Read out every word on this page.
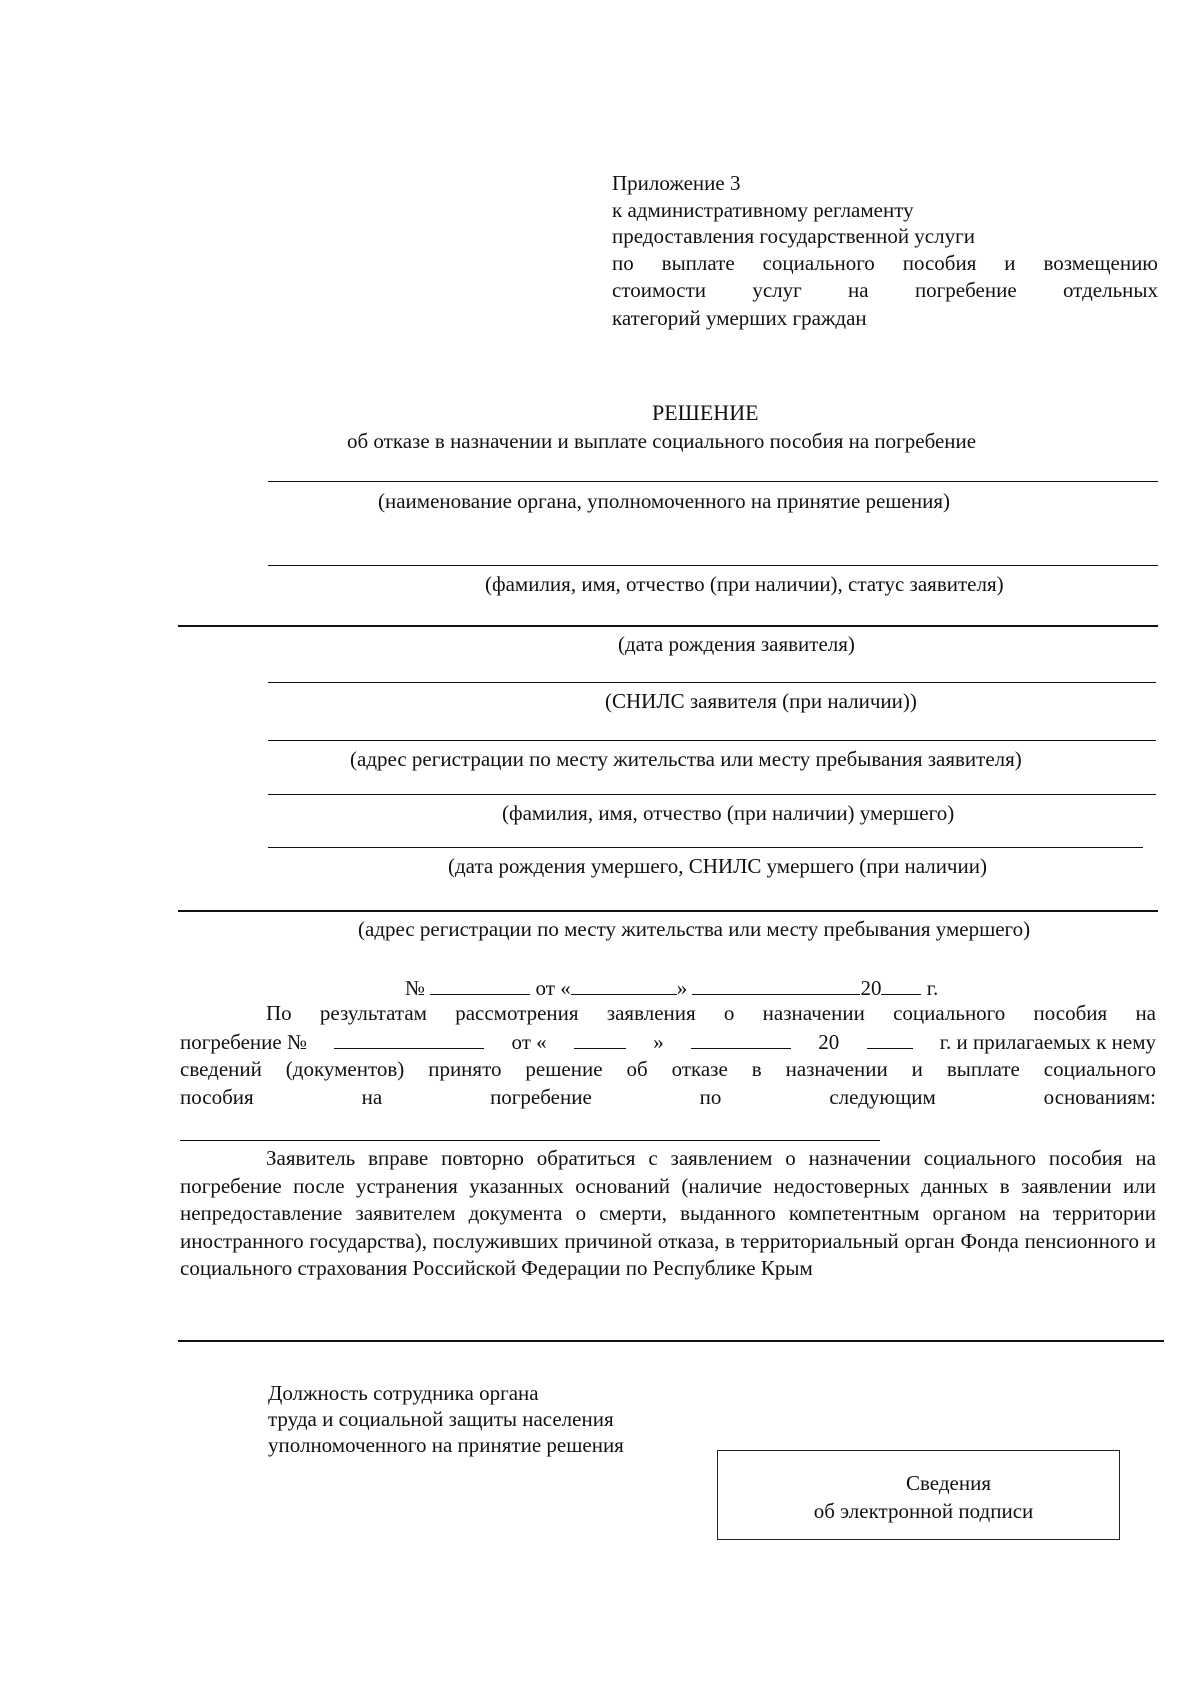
Приложение 3
к административному регламенту
предоставления государственной услуги
по выплате социального пособия и возмещению
стоимости услуг на погребение отдельных
категорий умерших граждан
РЕШЕНИЕ
об отказе в назначении и выплате социального пособия на погребение
(наименование органа, уполномоченного на принятие решения)
(фамилия, имя, отчество (при наличии), статус заявителя)
(дата рождения заявителя)
(СНИЛС заявителя (при наличии))
(адрес регистрации по месту жительства или месту пребывания заявителя)
(фамилия, имя, отчество (при наличии) умершего)
(дата рождения умершего, СНИЛС умершего (при наличии)
(адрес регистрации по месту жительства или месту пребывания умершего)
№	от «	»	20 г.
По результатам рассмотрения заявления о назначении социального пособия на
погребение №	от «	»	20	г. и прилагаемых к нему
сведений (документов) принято решение об отказе в назначении и выплате социального
пособия на погребение по следующим основаниям:
Заявитель вправе повторно обратиться с заявлением о назначении социального пособия на погребение после устранения указанных оснований (наличие недостоверных данных в заявлении или непредоставление заявителем документа о смерти, выданного компетентным органом на территории иностранного государства), послуживших причиной отказа, в территориальный орган Фонда пенсионного и социального страхования Российской Федерации по Республике Крым
Должность сотрудника органа
труда и социальной защиты населения
уполномоченного на принятие решения
Сведения
об электронной подписи
